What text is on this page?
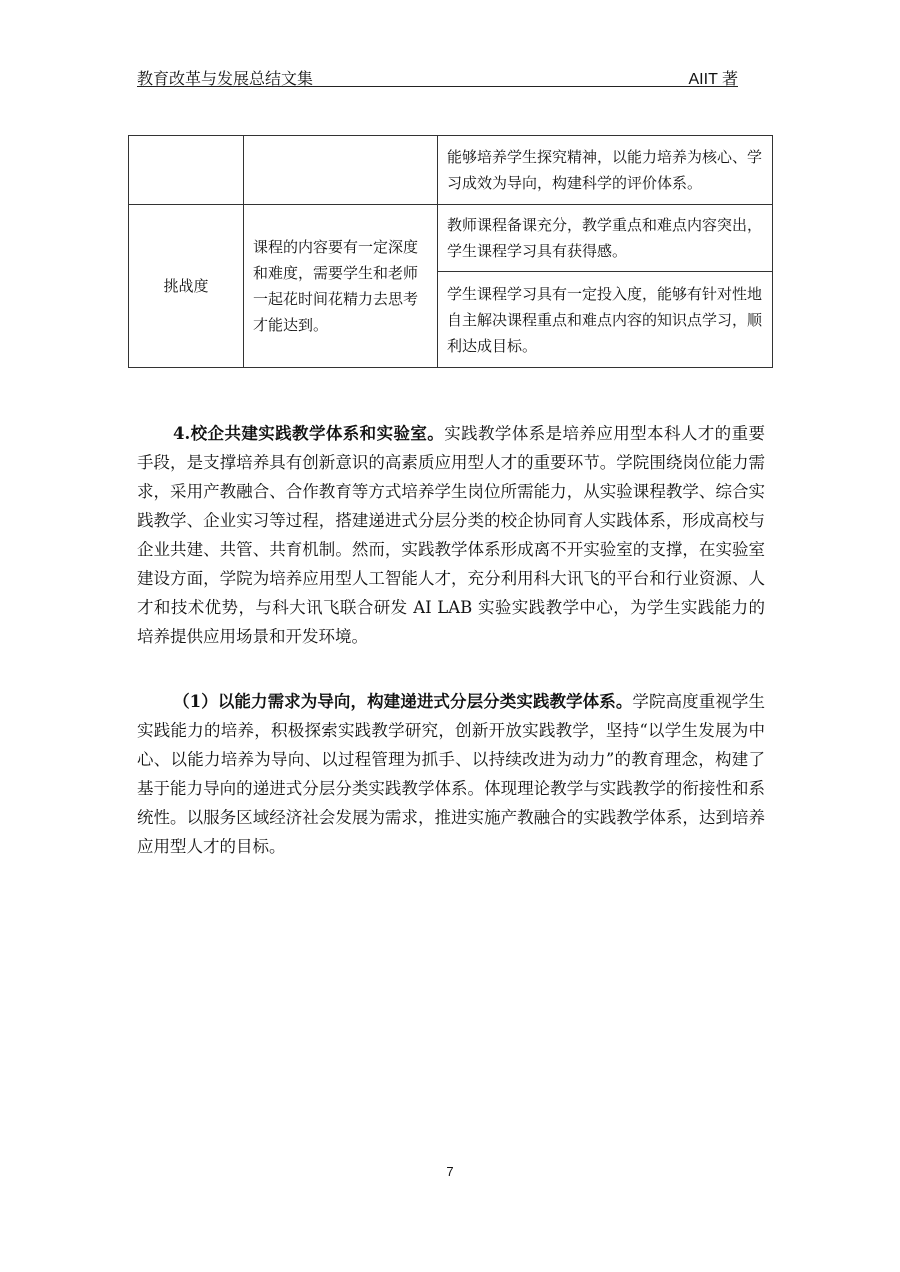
教育改革与发展总结文集	AIIT 著
		能够培养学生探究精神，以能力培养为核心、学习成效为导向，构建科学的评价体系。
挑战度	课程的内容要有一定深度和难度，需要学生和老师一起花时间花精力去思考才能达到。	教师课程备课充分，教学重点和难点内容突出，学生课程学习具有获得感。
		学生课程学习具有一定投入度，能够有针对性地自主解决课程重点和难点内容的知识点学习，顺利达成目标。

4.校企共建实践教学体系和实验室。实践教学体系是培养应用型本科人才的重要手段，是支撑培养具有创新意识的高素质应用型人才的重要环节。学院围绕岗位能力需求，采用产教融合、合作教育等方式培养学生岗位所需能力，从实验课程教学、综合实践教学、企业实习等过程，搭建递进式分层分类的校企协同育人实践体系，形成高校与企业共建、共管、共育机制。然而，实践教学体系形成离不开实验室的支撑，在实验室建设方面，学院为培养应用型人工智能人才，充分利用科大讯飞的平台和行业资源、人才和技术优势，与科大讯飞联合研发 AI LAB 实验实践教学中心，为学生实践能力的培养提供应用场景和开发环境。

（1）以能力需求为导向，构建递进式分层分类实践教学体系。学院高度重视学生实践能力的培养，积极探索实践教学研究，创新开放实践教学，坚持“以学生发展为中心、以能力培养为导向、以过程管理为抓手、以持续改进为动力”的教育理念，构建了基于能力导向的递进式分层分类实践教学体系。体现理论教学与实践教学的衔接性和系统性。以服务区域经济社会发展为需求，推进实施产教融合的实践教学体系，达到培养应用型人才的目标。

7
